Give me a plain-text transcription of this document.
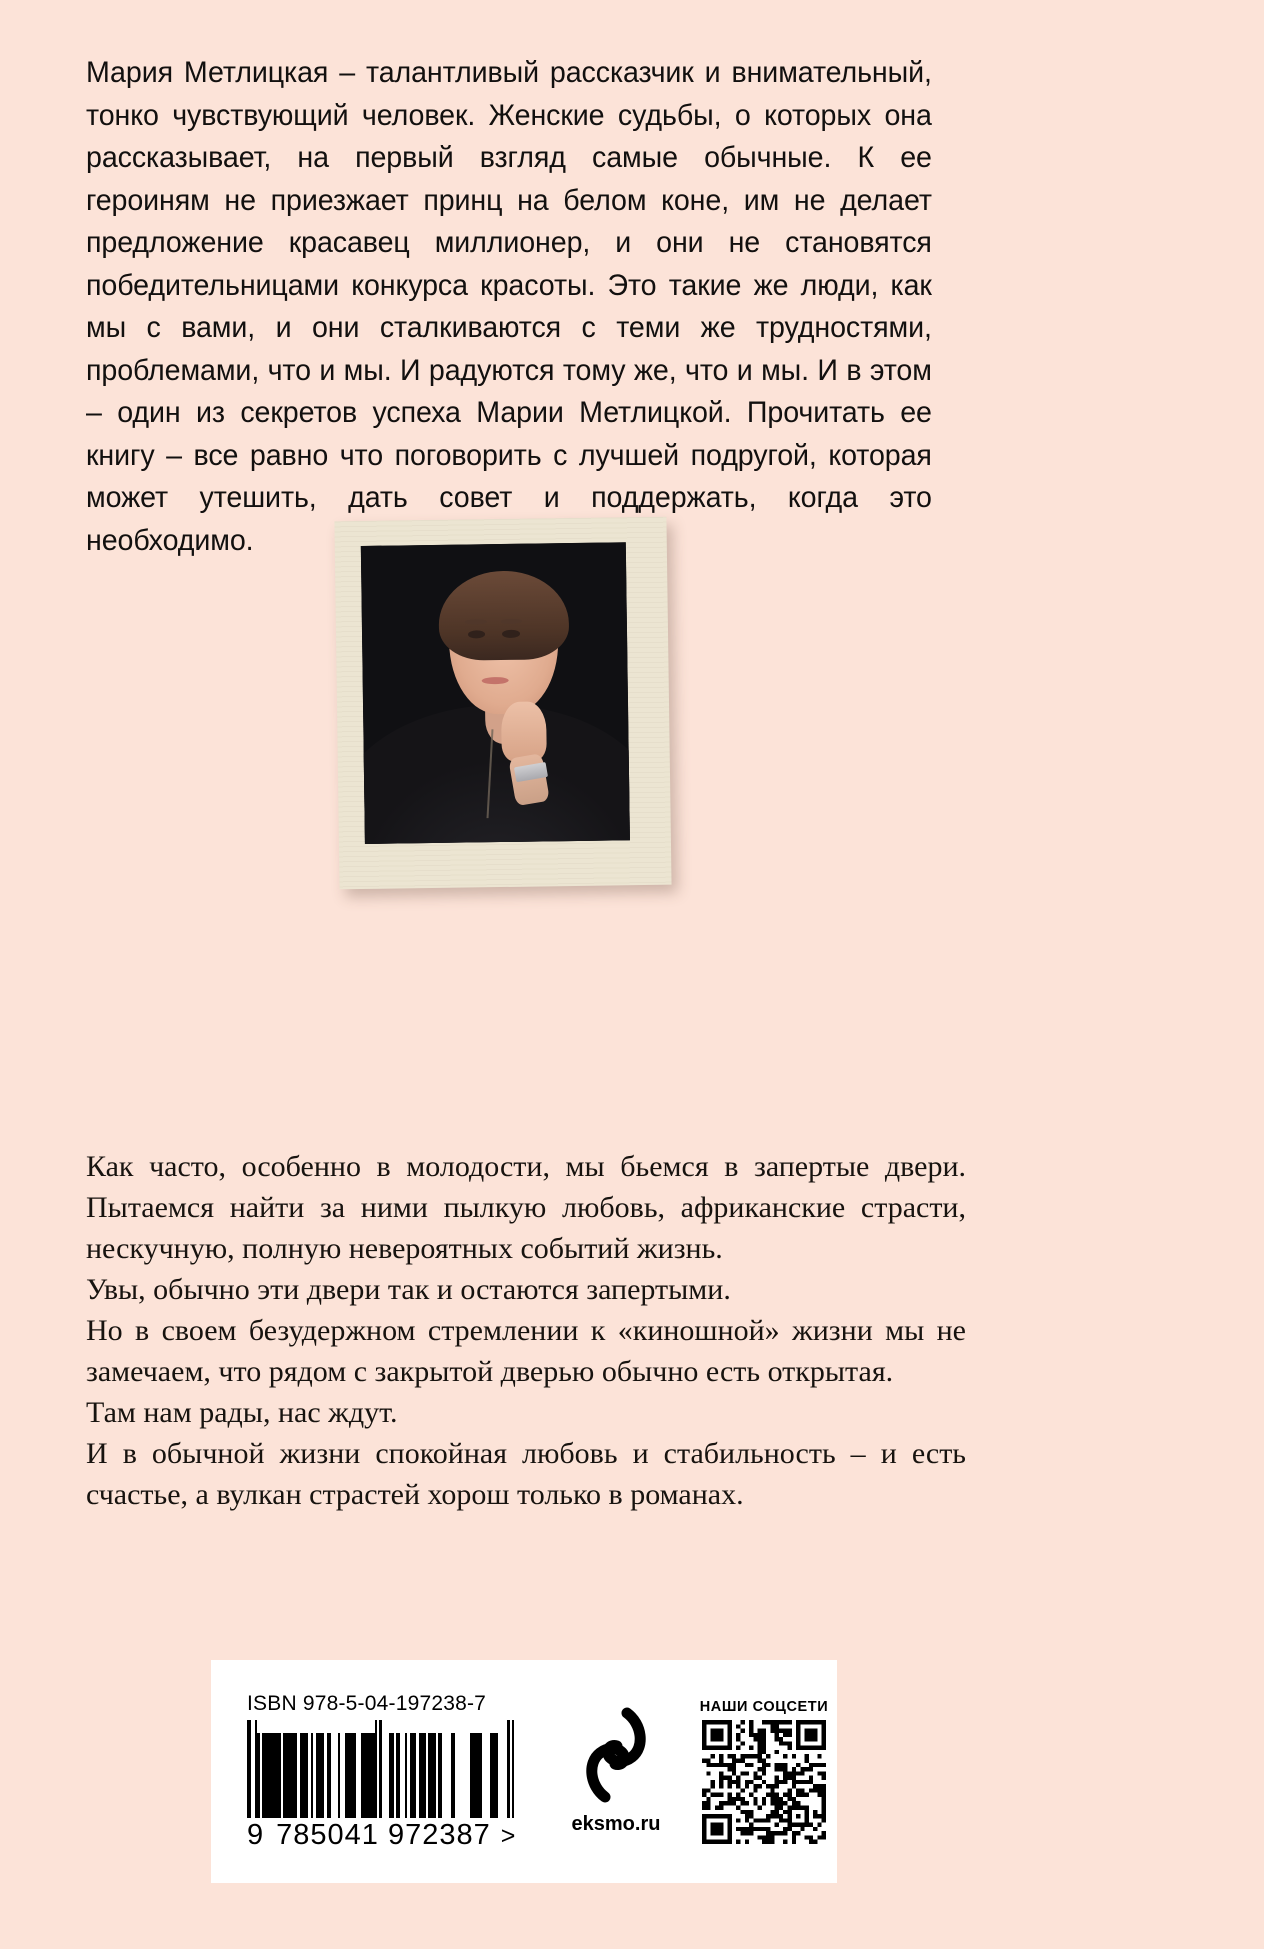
Мария Метлицкая – талантливый рассказчик и внимательный, тонко чувствующий человек. Женские судьбы, о которых она рассказывает, на первый взгляд самые обычные. К ее героиням не приезжает принц на белом коне, им не делает предложение красавец миллионер, и они не становятся победительницами конкурса красоты. Это такие же люди, как мы с вами, и они сталкиваются с теми же трудностями, проблемами, что и мы. И радуются тому же, что и мы. И в этом – один из секретов успеха Марии Метлицкой. Прочитать ее книгу – все равно что поговорить с лучшей подругой, которая может утешить, дать совет и поддержать, когда это необходимо.

Как часто, особенно в молодости, мы бьемся в запертые двери. Пытаемся найти за ними пылкую любовь, африканские страсти, нескучную, полную невероятных событий жизнь.

Увы, обычно эти двери так и остаются запертыми.

Но в своем безудержном стремлении к «киношной» жизни мы не замечаем, что рядом с закрытой дверью обычно есть открытая.

Там нам рады, нас ждут.

И в обычной жизни спокойная любовь и стабильность – и есть счастье, а вулкан страстей хорош только в романах.

ISBN 978-5-04-197238-7
9 785041 972387 >	eksmo.ru
НАШИ СОЦСЕТИ
